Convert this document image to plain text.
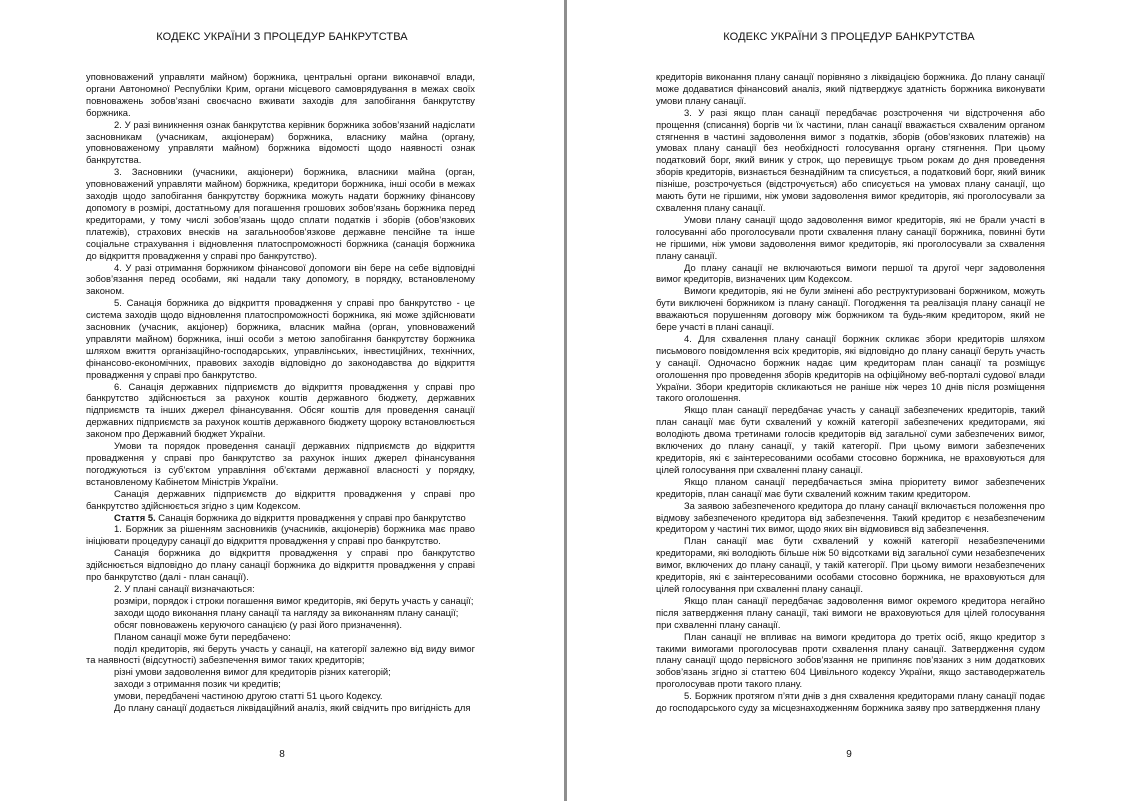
КОДЕКС УКРАЇНИ З ПРОЦЕДУР БАНКРУТСТВА

уповноважений управляти майном) боржника, центральні органи виконавчої влади, органи Автономної Республіки Крим, органи місцевого самоврядування в межах своїх повноважень зобов’язані своєчасно вживати заходів для запобігання банкрутству боржника.

2. У разі виникнення ознак банкрутства керівник боржника зобов’язаний надіслати засновникам (учасникам, акціонерам) боржника, власнику майна (органу, уповноваженому управляти майном) боржника відомості щодо наявності ознак банкрутства.

3. Засновники (учасники, акціонери) боржника, власники майна (орган, уповноважений управляти майном) боржника, кредитори боржника, інші особи в межах заходів щодо запобігання банкрутству боржника можуть надати боржнику фінансову допомогу в розмірі, достатньому для погашення грошових зобов’язань боржника перед кредиторами, у тому числі зобов’язань щодо сплати податків і зборів (обов’язкових платежів), страхових внесків на загальнообов’язкове державне пенсійне та інше соціальне страхування і відновлення платоспроможності боржника (санація боржника до відкриття провадження у справі про банкрутство).

4. У разі отримання боржником фінансової допомоги він бере на себе відповідні зобов’язання перед особами, які надали таку допомогу, в порядку, встановленому законом.

5. Санація боржника до відкриття провадження у справі про банкрутство - це система заходів щодо відновлення платоспроможності боржника, які може здійснювати засновник (учасник, акціонер) боржника, власник майна (орган, уповноважений управляти майном) боржника, інші особи з метою запобігання банкрутству боржника шляхом вжиття організаційно-господарських, управлінських, інвестиційних, технічних, фінансово-економічних, правових заходів відповідно до законодавства до відкриття провадження у справі про банкрутство.

6. Санація державних підприємств до відкриття провадження у справі про банкрутство здійснюється за рахунок коштів державного бюджету, державних підприємств та інших джерел фінансування. Обсяг коштів для проведення санації державних підприємств за рахунок коштів державного бюджету щороку встановлюється законом про Державний бюджет України.

Умови та порядок проведення санації державних підприємств до відкриття провадження у справі про банкрутство за рахунок інших джерел фінансування погоджуються із суб’єктом управління об’єктами державної власності у порядку, встановленому Кабінетом Міністрів України.

Санація державних підприємств до відкриття провадження у справі про банкрутство здійснюється згідно з цим Кодексом.

Стаття 5. Санація боржника до відкриття провадження у справі про банкрутство

1. Боржник за рішенням засновників (учасників, акціонерів) боржника має право ініціювати процедуру санації до відкриття провадження у справі про банкрутство.

Санація боржника до відкриття провадження у справі про банкрутство здійснюється відповідно до плану санації боржника до відкриття провадження у справі про банкрутство (далі - план санації).

2. У плані санації визначаються:

розміри, порядок і строки погашення вимог кредиторів, які беруть участь у санації;

заходи щодо виконання плану санації та нагляду за виконанням плану санації;

обсяг повноважень керуючого санацією (у разі його призначення).

Планом санації може бути передбачено:

поділ кредиторів, які беруть участь у санації, на категорії залежно від виду вимог та наявності (відсутності) забезпечення вимог таких кредиторів;

різні умови задоволення вимог для кредиторів різних категорій;

заходи з отримання позик чи кредитів;

умови, передбачені частиною другою статті 51 цього Кодексу.

До плану санації додається ліквідаційний аналіз, який свідчить про вигідність для

8
КОДЕКС УКРАЇНИ З ПРОЦЕДУР БАНКРУТСТВА

кредиторів виконання плану санації порівняно з ліквідацією боржника. До плану санації може додаватися фінансовий аналіз, який підтверджує здатність боржника виконувати умови плану санації.

3. У разі якщо план санації передбачає розстрочення чи відстрочення або прощення (списання) боргів чи їх частини, план санації вважається схваленим органом стягнення в частині задоволення вимог з податків, зборів (обов’язкових платежів) на умовах плану санації без необхідності голосування органу стягнення. При цьому податковий борг, який виник у строк, що перевищує трьом рокам до дня проведення зборів кредиторів, визнається безнадійним та списується, а податковий борг, який виник пізніше, розстрочується (відстрочується) або списується на умовах плану санації, що мають бути не гіршими, ніж умови задоволення вимог кредиторів, які проголосували за схвалення плану санації.

Умови плану санації щодо задоволення вимог кредиторів, які не брали участі в голосуванні або проголосували проти схвалення плану санації боржника, повинні бути не гіршими, ніж умови задоволення вимог кредиторів, які проголосували за схвалення плану санації.

До плану санації не включаються вимоги першої та другої черг задоволення вимог кредиторів, визначених цим Кодексом.

Вимоги кредиторів, які не були змінені або реструктуризовані боржником, можуть бути виключені боржником із плану санації. Погодження та реалізація плану санації не вважаються порушенням договору між боржником та будь-яким кредитором, який не бере участі в плані санації.

4. Для схвалення плану санації боржник скликає збори кредиторів шляхом письмового повідомлення всіх кредиторів, які відповідно до плану санації беруть участь у санації. Одночасно боржник надає цим кредиторам план санації та розміщує оголошення про проведення зборів кредиторів на офіційному веб-порталі судової влади України. Збори кредиторів скликаються не раніше ніж через 10 днів після розміщення такого оголошення.

Якщо план санації передбачає участь у санації забезпечених кредиторів, такий план санації має бути схвалений у кожній категорії забезпечених кредиторами, які володіють двома третинами голосів кредиторів від загальної суми забезпечених вимог, включених до плану санації, у такій категорії. При цьому вимоги забезпечених кредиторів, які є заінтересованими особами стосовно боржника, не враховуються для цілей голосування при схваленні плану санації.

Якщо планом санації передбачається зміна пріоритету вимог забезпечених кредиторів, план санації має бути схвалений кожним таким кредитором.

За заявою забезпеченого кредитора до плану санації включається положення про відмову забезпеченого кредитора від забезпечення. Такий кредитор є незабезпеченим кредитором у частині тих вимог, щодо яких він відмовився від забезпечення.

План санації має бути схвалений у кожній категорії незабезпеченими кредиторами, які володіють більше ніж 50 відсотками від загальної суми незабезпечених вимог, включених до плану санації, у такій категорії. При цьому вимоги незабезпечених кредиторів, які є заінтересованими особами стосовно боржника, не враховуються для цілей голосування при схваленні плану санації.

Якщо план санації передбачає задоволення вимог окремого кредитора негайно після затвердження плану санації, такі вимоги не враховуються для цілей голосування при схваленні плану санації.

План санації не впливає на вимоги кредитора до третіх осіб, якщо кредитор з такими вимогами проголосував проти схвалення плану санації. Затвердження судом плану санації щодо первісного зобов’язання не припиняє пов’язаних з ним додаткових зобов’язань згідно зі статтею 604 Цивільного кодексу України, якщо заставодержатель проголосував проти такого плану.

5. Боржник протягом п’яти днів з дня схвалення кредиторами плану санації подає до господарського суду за місцезнаходженням боржника заяву про затвердження плану

9
